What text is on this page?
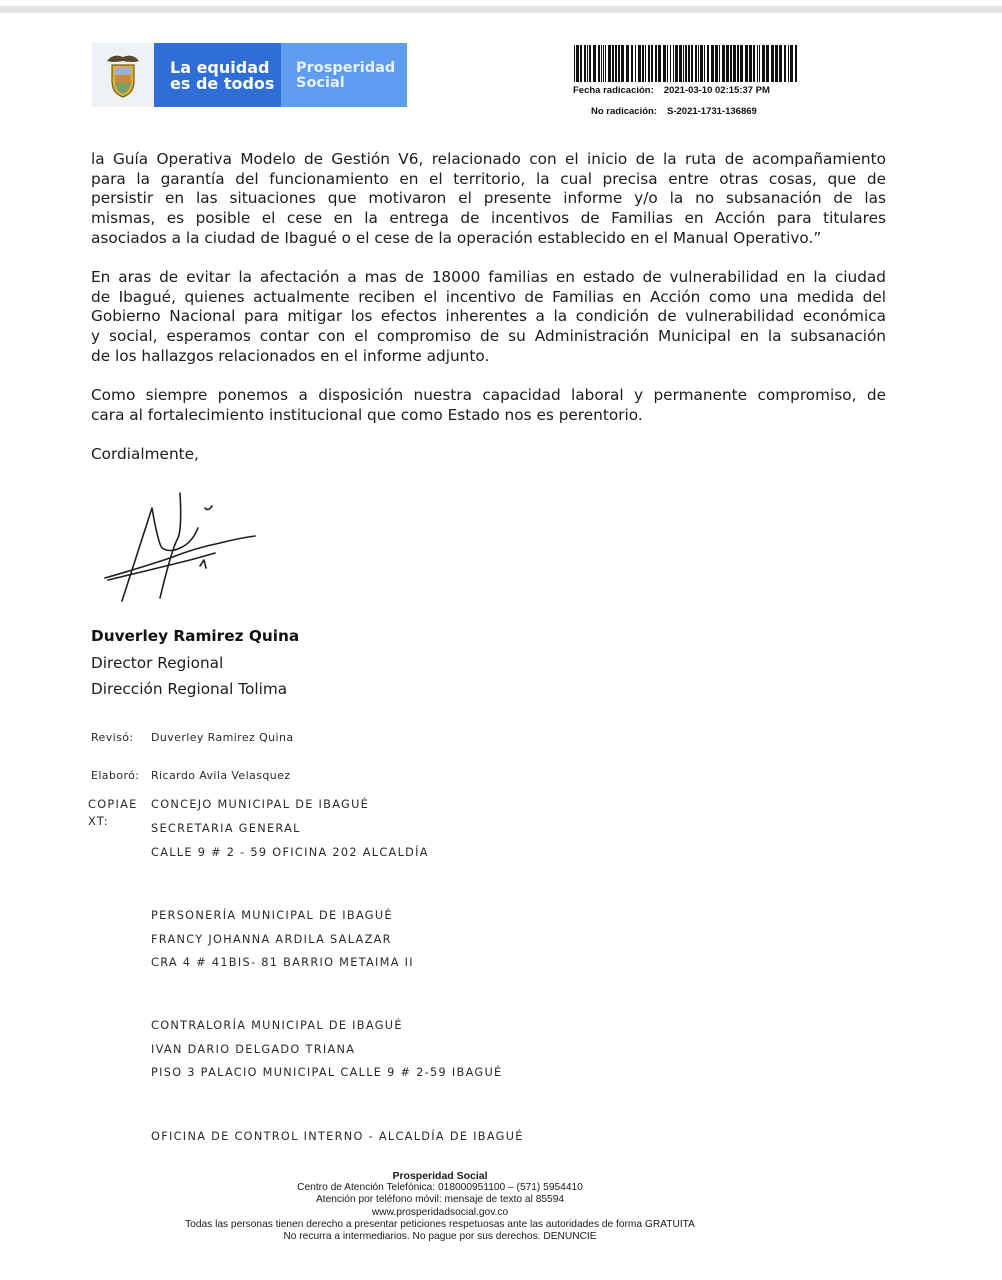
La equidad
es de todos
Prosperidad
Social	Fecha radicación: 2021-03-10 02:15:37 PM
No radicación: S-2021-1731-136869
la Guía Operativa Modelo de Gestión V6, relacionado con el inicio de la ruta de acompañamiento
para la garantía del funcionamiento en el territorio, la cual precisa entre otras cosas, que de
persistir en las situaciones que motivaron el presente informe y/o la no subsanación de las
mismas, es posible el cese en la entrega de incentivos de Familias en Acción para titulares
asociados a la ciudad de Ibagué o el cese de la operación establecido en el Manual Operativo.”
En aras de evitar la afectación a mas de 18000 familias en estado de vulnerabilidad en la ciudad
de Ibagué, quienes actualmente reciben el incentivo de Familias en Acción como una medida del
Gobierno Nacional para mitigar los efectos inherentes a la condición de vulnerabilidad económica
y social, esperamos contar con el compromiso de su Administración Municipal en la subsanación
de los hallazgos relacionados en el informe adjunto.
Como siempre ponemos a disposición nuestra capacidad laboral y permanente compromiso, de
cara al fortalecimiento institucional que como Estado nos es perentorio.
Cordialmente,
Duverley Ramirez Quina
Director Regional
Dirección Regional Tolima
Revisó: Duverley Ramirez Quina
Elaboró: Ricardo Avila Velasquez
COPIAE
XT:
CONCEJO MUNICIPAL DE IBAGUÉ
SECRETARIA GENERAL
CALLE 9 # 2 - 59 OFICINA 202 ALCALDÍA
PERSONERÍA MUNICIPAL DE IBAGUÉ
FRANCY JOHANNA ARDILA SALAZAR
CRA 4 # 41BIS- 81 BARRIO METAIMA II
CONTRALORÍA MUNICIPAL DE IBAGUÉ
IVAN DARIO DELGADO TRIANA
PISO 3 PALACIO MUNICIPAL CALLE 9 # 2-59 IBAGUÉ
OFICINA DE CONTROL INTERNO - ALCALDÍA DE IBAGUÉ
Prosperidad Social
Centro de Atención Telefónica: 018000951100 – (571) 5954410
Atención por teléfono móvil: mensaje de texto al 85594
www.prosperidadsocial.gov.co
Todas las personas tienen derecho a presentar peticiones respetuosas ante las autoridades de forma GRATUITA
No recurra a intermediarios. No pague por sus derechos. DENUNCIE
